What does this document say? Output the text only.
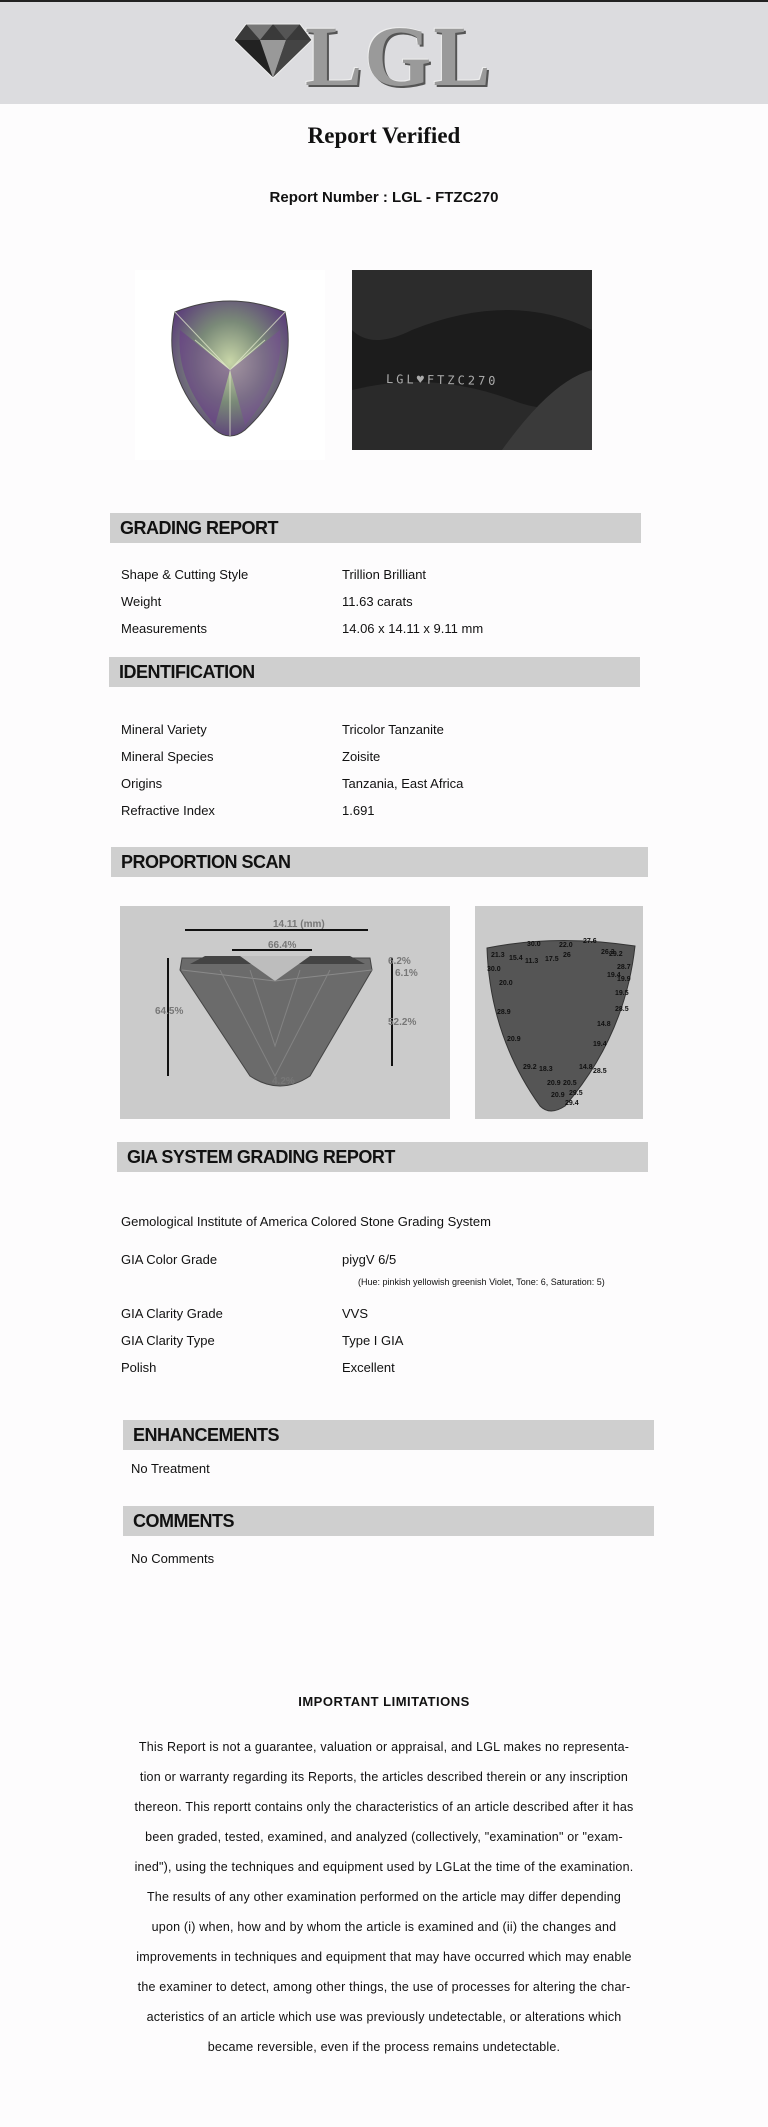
LGL
Report Verified
Report Number : LGL - FTZC270
LGL♥FTZC270
GRADING REPORT
Shape & Cutting Style	Trillion Brilliant
Weight	11.63 carats
Measurements	14.06 x 14.11 x 9.11 mm
IDENTIFICATION
Mineral Variety	Tricolor Tanzanite
Mineral Species	Zoisite
Origins	Tanzania, East Africa
Refractive Index	1.691
PROPORTION SCAN
14.11 (mm)
66.4%
64.5%
6.2%
6.1%
52.2%
4.2%
30.0	22.0
27.6
26.3
21.3 15.4 11.3 17.5
26	29.2
30.0	28.7
20.0
19.4
19.9
19.5
28.9	28.5
14.8
20.9
19.4
29.2 18.3	14.8
28.5
20.9 20.5
29.5
20.9
29.4
GIA SYSTEM GRADING REPORT
Gemological Institute of America Colored Stone Grading System
GIA Color Grade	piygV 6/5
(Hue: pinkish yellowish greenish Violet, Tone: 6, Saturation: 5)
GIA Clarity Grade	VVS
GIA Clarity Type	Type I GIA
Polish	Excellent
ENHANCEMENTS
No Treatment
COMMENTS
No Comments
IMPORTANT LIMITATIONS
This Report is not a guarantee, valuation or appraisal, and LGL makes no representa-
tion or warranty regarding its Reports, the articles described therein or any inscription
thereon. This reportt contains only the characteristics of an article described after it has
been graded, tested, examined, and analyzed (collectively, "examination" or "exam-
ined"), using the techniques and equipment used by LGLat the time of the examination.
The results of any other examination performed on the article may differ depending
upon (i) when, how and by whom the article is examined and (ii) the changes and
improvements in techniques and equipment that may have occurred which may enable
the examiner to detect, among other things, the use of processes for altering the char-
acteristics of an article which use was previously undetectable, or alterations which
became reversible, even if the process remains undetectable.
